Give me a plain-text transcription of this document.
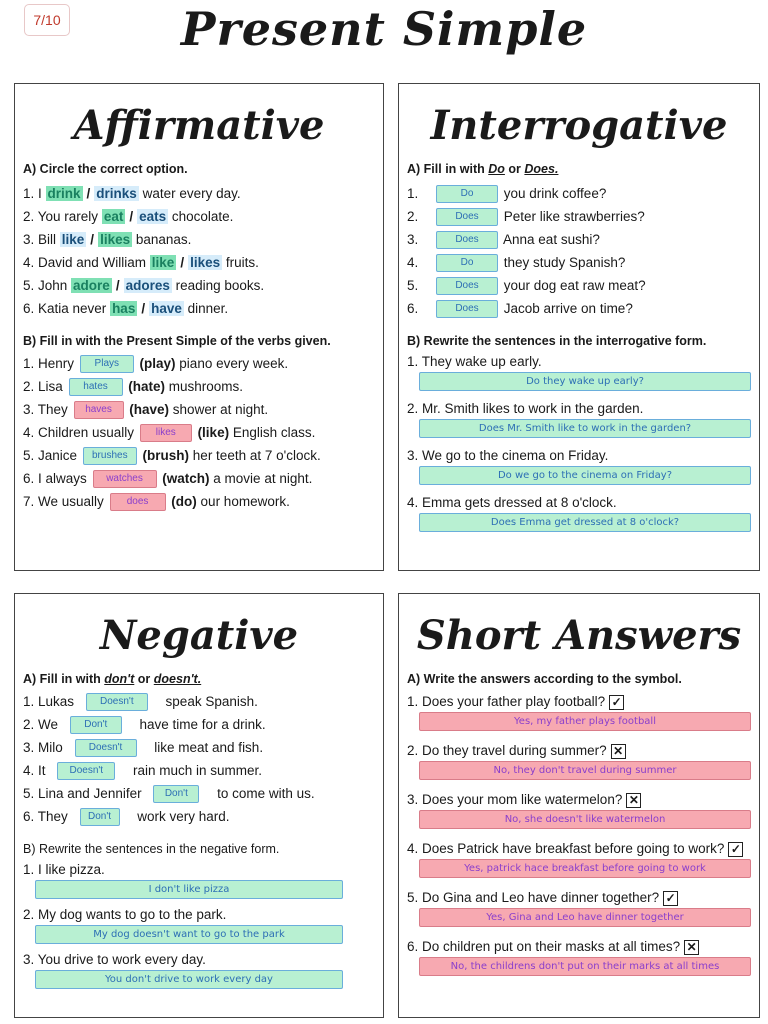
7/10	Present Simple
Affirmative
A) Circle the correct option.
1. I drink / drinks water every day.
2. You rarely eat / eats chocolate.
3. Bill like / likes bananas.
4. David and William like / likes fruits.
5. John adore / adores reading books.
6. Katia never has / have dinner.
B) Fill in with the Present Simple of the verbs given.
1. Henry Plays (play) piano every week.
2. Lisa hates (hate) mushrooms.
3. They haves (have) shower at night.
4. Children usually likes (like) English class.
5. Janice brushes (brush) her teeth at 7 o'clock.
6. I always watches (watch) a movie at night.
7. We usually does (do) our homework.
Interrogative
A) Fill in with Do or Does.
1.	Do you drink coffee?
2.	Does Peter like strawberries?
3.	Does Anna eat sushi?
4.	Do they study Spanish?
5.	Does your dog eat raw meat?
6.	Does Jacob arrive on time?
B) Rewrite the sentences in the interrogative form.
1. They wake up early.
Do they wake up early?
2. Mr. Smith likes to work in the garden.
Does Mr. Smith like to work in the garden?
3. We go to the cinema on Friday.
Do we go to the cinema on Friday?
4. Emma gets dressed at 8 o'clock.
Does Emma get dressed at 8 o'clock?
Negative
A) Fill in with don't or doesn't.
1. Lukas Doesn't speak Spanish.
2. We Don't have time for a drink.
3. Milo Doesn't like meat and fish.
4. It Doesn't rain much in summer.
5. Lina and Jennifer Don't to come with us.
6. They Don't work very hard.
B) Rewrite the sentences in the negative form.
1. I like pizza.
I don't like pizza
2. My dog wants to go to the park.
My dog doesn't want to go to the park
3. You drive to work every day.
You don't drive to work every day
Short Answers
A) Write the answers according to the symbol.
1. Does your father play football? ✓
Yes, my father plays football
2. Do they travel during summer? ✕
No, they don't travel during summer
3. Does your mom like watermelon? ✕
No, she doesn't like watermelon
4. Does Patrick have breakfast before going to work? ✓
Yes, patrick hace breakfast before going to work
5. Do Gina and Leo have dinner together? ✓
Yes, Gina and Leo have dinner together
6. Do children put on their masks at all times? ✕
No, the childrens don't put on their marks at all times
